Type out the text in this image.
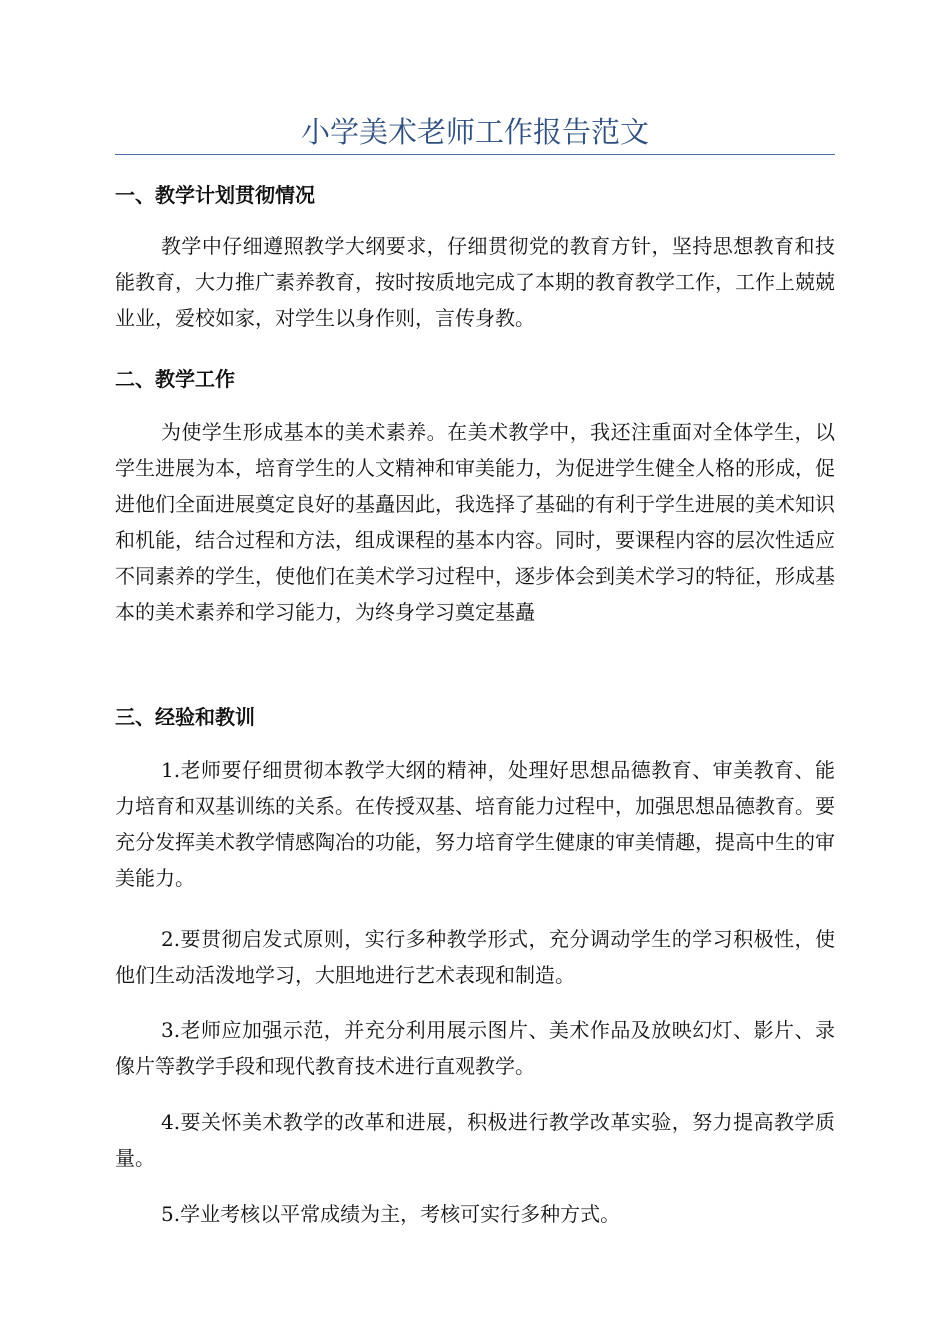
小学美术老师工作报告范文
一、教学计划贯彻情况

教学中仔细遵照教学大纲要求，仔细贯彻党的教育方针，坚持思想教育和技能教育，大力推广素养教育，按时按质地完成了本期的教育教学工作，工作上兢兢业业，爱校如家，对学生以身作则，言传身教。

二、教学工作

为使学生形成基本的美术素养。在美术教学中，我还注重面对全体学生，以学生进展为本，培育学生的人文精神和审美能力，为促进学生健全人格的形成，促进他们全面进展奠定良好的基矗因此，我选择了基础的有利于学生进展的美术知识和机能，结合过程和方法，组成课程的基本内容。同时，要课程内容的层次性适应不同素养的学生，使他们在美术学习过程中，逐步体会到美术学习的特征，形成基本的美术素养和学习能力，为终身学习奠定基矗

三、经验和教训

1.老师要仔细贯彻本教学大纲的精神，处理好思想品德教育、审美教育、能力培育和双基训练的关系。在传授双基、培育能力过程中，加强思想品德教育。要充分发挥美术教学情感陶冶的功能，努力培育学生健康的审美情趣，提高中生的审美能力。

2.要贯彻启发式原则，实行多种教学形式，充分调动学生的学习积极性，使他们生动活泼地学习，大胆地进行艺术表现和制造。

3.老师应加强示范，并充分利用展示图片、美术作品及放映幻灯、影片、录像片等教学手段和现代教育技术进行直观教学。

4.要关怀美术教学的改革和进展，积极进行教学改革实验，努力提高教学质量。

5.学业考核以平常成绩为主，考核可实行多种方式。
